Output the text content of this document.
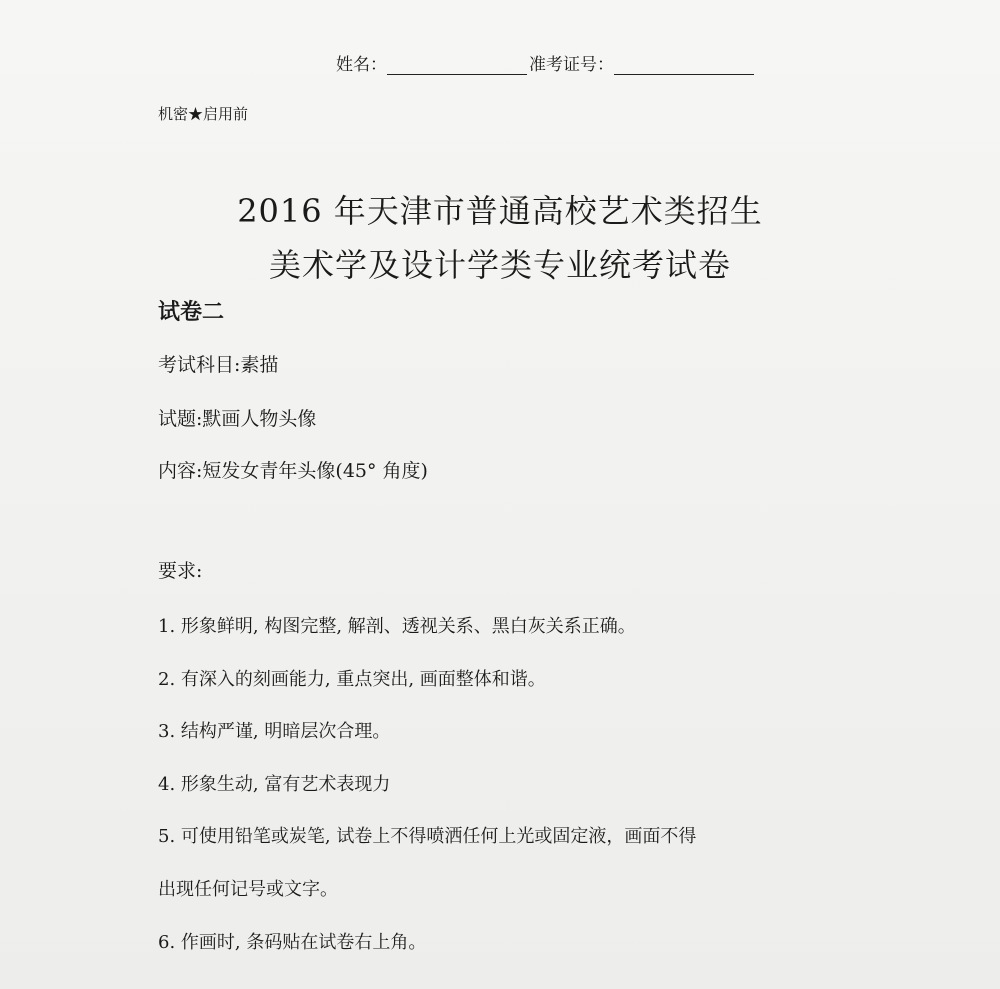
姓名：	准考证号：
机密★启用前
2016 年天津市普通高校艺术类招生
美术学及设计学类专业统考试卷
试卷二
考试科目:素描
试题:默画人物头像
内容:短发女青年头像(45° 角度)
要求:
1. 形象鲜明, 构图完整, 解剖、透视关系、黑白灰关系正确。
2. 有深入的刻画能力, 重点突出, 画面整体和谐。
3. 结构严谨, 明暗层次合理。
4. 形象生动, 富有艺术表现力
5. 可使用铅笔或炭笔, 试卷上不得喷洒任何上光或固定液，画面不得
出现任何记号或文字。
6. 作画时, 条码贴在试卷右上角。
